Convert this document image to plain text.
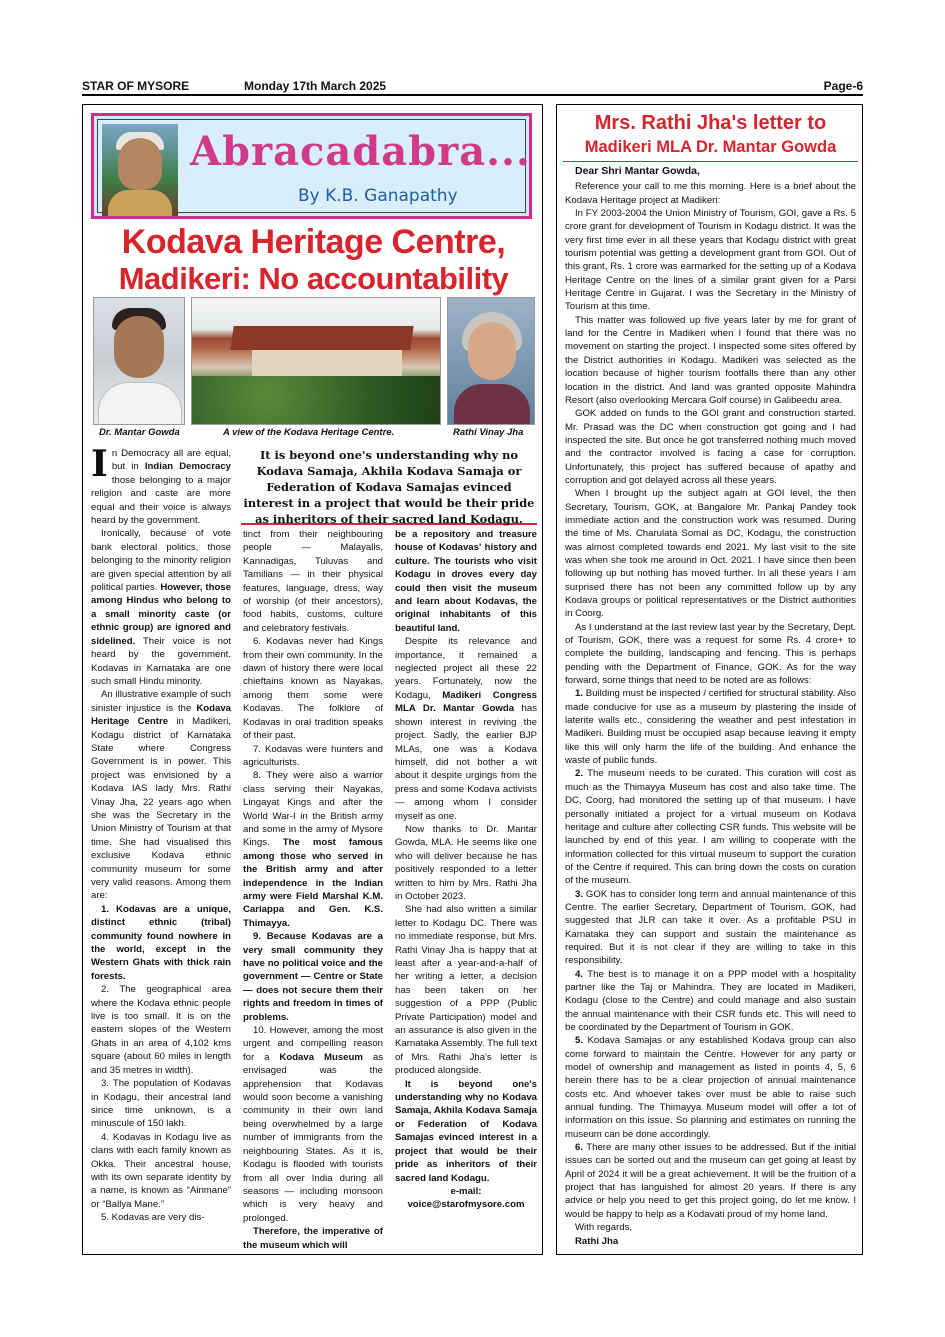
STAR OF MYSORE	Monday 17th March 2025	Page-6
Abracadabra...
By K.B. Ganapathy
Kodava Heritage Centre,
Madikeri: No accountability
Dr. Mantar Gowda	A view of the Kodava Heritage Centre.	Rathi Vinay Jha
It is beyond one's understanding why no Kodava Samaja, Akhila Kodava Samaja or Federation of Kodava Samajas evinced interest in a project that would be their pride as inheritors of their sacred land Kodagu.
I n Democracy all are equal, but in Indian Democracy those belonging to a major religion and caste are more equal and their voice is always heard by the government.

Ironically, because of vote bank electoral politics, those belonging to the minority religion are given special attention by all political parties. However, those among Hindus who belong to a small minority caste (or ethnic group) are ignored and sidelined. Their voice is not heard by the government. Kodavas in Karnataka are one such small Hindu minority.

An illustrative example of such sinister injustice is the Kodava Heritage Centre in Madikeri, Kodagu district of Karnataka State where Congress Government is in power. This project was envisioned by a Kodava IAS lady Mrs. Rathi Vinay Jha, 22 years ago when she was the Secretary in the Union Ministry of Tourism at that time. She had visualised this exclusive Kodava ethnic community museum for some very valid reasons. Among them are:

1. Kodavas are a unique, distinct ethnic (tribal) community found nowhere in the world, except in the Western Ghats with thick rain forests.

2. The geographical area where the Kodava ethnic people live is too small. It is on the eastern slopes of the Western Ghats in an area of 4,102 kms square (about 60 miles in length and 35 metres in width).

3. The population of Kodavas in Kodagu, their ancestral land since time unknown, is a minuscule of 150 lakh.

4. Kodavas in Kodagu live as clans with each family known as Okka. Their ancestral house, with its own separate identity by a name, is known as “Ainmane” or “Ballya Mane.”

5. Kodavas are very dis-

tinct from their neighbouring people — Malayalis, Kannadigas, Tuluvas and Tamilians — in their physical features, language, dress, way of worship (of their ancestors), food habits, customs, culture and celebratory festivals.

6. Kodavas never had Kings from their own community. In the dawn of history there were local chieftains known as Nayakas, among them some were Kodavas. The folklore of Kodavas in oral tradition speaks of their past.

7. Kodavas were hunters and agriculturists.

8. They were also a warrior class serving their Nayakas, Lingayat Kings and after the World War-I in the British army and some in the army of Mysore Kings. The most famous among those who served in the British army and after independence in the Indian army were Field Marshal K.M. Cariappa and Gen. K.S. Thimayya.

9. Because Kodavas are a very small community they have no political voice and the government — Centre or State — does not secure them their rights and freedom in times of problems.

10. However, among the most urgent and compelling reason for a Kodava Museum as envisaged was the apprehension that Kodavas would soon become a vanishing community in their own land being overwhelmed by a large number of immigrants from the neighbouring States. As it is, Kodagu is flooded with tourists from all over India during all seasons — including monsoon which is very heavy and prolonged.

Therefore, the imperative of the museum which will

be a repository and treasure house of Kodavas' history and culture. The tourists who visit Kodagu in droves every day could then visit the museum and learn about Kodavas, the original inhabitants of this beautiful land.

Despite its relevance and importance, it remained a neglected project all these 22 years. Fortunately, now the Kodagu, Madikeri Congress MLA Dr. Mantar Gowda has shown interest in reviving the project. Sadly, the earlier BJP MLAs, one was a Kodava himself, did not bother a wit about it despite urgings from the press and some Kodava activists — among whom I consider myself as one.

Now thanks to Dr. Mantar Gowda, MLA. He seems like one who will deliver because he has positively responded to a letter written to him by Mrs. Rathi Jha in October 2023.

She had also written a similar letter to Kodagu DC. There was no immediate response, but Mrs. Rathi Vinay Jha is happy that at least after a year-and-a-half of her writing a letter, a decision has been taken on her suggestion of a PPP (Public Private Participation) model and an assurance is also given in the Karnataka Assembly. The full text of Mrs. Rathi Jha's letter is produced alongside.

It is beyond one's understanding why no Kodava Samaja, Akhila Kodava Samaja or Federation of Kodava Samajas evinced interest in a project that would be their pride as inheritors of their sacred land Kodagu.

e-mail:

voice@starofmysore.com

Mrs. Rathi Jha's letter to
Madikeri MLA Dr. Mantar Gowda

Dear Shri Mantar Gowda,

Reference your call to me this morning. Here is a brief about the Kodava Heritage project at Madikeri:

In FY 2003-2004 the Union Ministry of Tourism, GOI, gave a Rs. 5 crore grant for development of Tourism in Kodagu district. It was the very first time ever in all these years that Kodagu district with great tourism potential was getting a development grant from GOI. Out of this grant, Rs. 1 crore was earmarked for the setting up of a Kodava Heritage Centre on the lines of a similar grant given for a Parsi Heritage Centre in Gujarat. I was the Secretary in the Ministry of Tourism at this time.

This matter was followed up five years later by me for grant of land for the Centre in Madikeri when I found that there was no movement on starting the project. I inspected some sites offered by the District authorities in Kodagu. Madikeri was selected as the location because of higher tourism footfalls there than any other location in the district. And land was granted opposite Mahindra Resort (also overlooking Mercara Golf course) in Galibeedu area.

GOK added on funds to the GOI grant and construction started. Mr. Prasad was the DC when construction got going and I had inspected the site. But once he got transferred nothing much moved and the contractor involved is facing a case for corruption. Unfortunately, this project has suffered because of apathy and corruption and got delayed across all these years.

When I brought up the subject again at GOI level, the then Secretary, Tourism, GOK, at Bangalore Mr. Pankaj Pandey took immediate action and the construction work was resumed. During the time of Ms. Charulata Somal as DC, Kodagu, the construction was almost completed towards end 2021. My last visit to the site was when she took me around in Oct. 2021. I have since then been following up but nothing has moved further. In all these years I am surprised there has not been any committed follow up by any Kodava groups or political representatives or the District authorities in Coorg.

As I understand at the last review last year by the Secretary, Dept. of Tourism, GOK, there was a request for some Rs. 4 crore+ to complete the building, landscaping and fencing. This is perhaps pending with the Department of Finance, GOK. As for the way forward, some things that need to be noted are as follows:

1. Building must be inspected / certified for structural stability. Also made conducive for use as a museum by plastering the inside of laterite walls etc., considering the weather and pest infestation in Madikeri. Building must be occupied asap because leaving it empty like this will only harm the life of the building. And enhance the waste of public funds.

2. The museum needs to be curated. This curation will cost as much as the Thimayya Museum has cost and also take time. The DC, Coorg, had monitored the setting up of that museum. I have personally initiated a project for a virtual museum on Kodava heritage and culture after collecting CSR funds. This website will be launched by end of this year. I am willing to cooperate with the information collected for this virtual museum to support the curation of the Centre if required. This can bring down the costs on curation of the museum.

3. GOK has to consider long term and annual maintenance of this Centre. The earlier Secretary, Department of Tourism, GOK, had suggested that JLR can take it over. As a profitable PSU in Karnataka they can support and sustain the maintenance as required. But it is not clear if they are willing to take in this responsibility.

4. The best is to manage it on a PPP model with a hospitality partner like the Taj or Mahindra. They are located in Madikeri, Kodagu (close to the Centre) and could manage and also sustain the annual maintenance with their CSR funds etc. This will need to be coordinated by the Department of Tourism in GOK.

5. Kodava Samajas or any established Kodava group can also come forward to maintain the Centre. However for any party or model of ownership and management as listed in points 4, 5, 6 herein there has to be a clear projection of annual maintenance costs etc. And whoever takes over must be able to raise such annual funding. The Thimayya Museum model will offer a lot of information on this issue. So planning and estimates on running the museum can be done accordingly.

6. There are many other issues to be addressed. But if the initial issues can be sorted out and the museum can get going at least by April of 2024 it will be a great achievement. It will be the fruition of a project that has languished for almost 20 years. If there is any advice or help you need to get this project going, do let me know. I would be happy to help as a Kodavati proud of my home land.

With regards,

Rathi Jha
